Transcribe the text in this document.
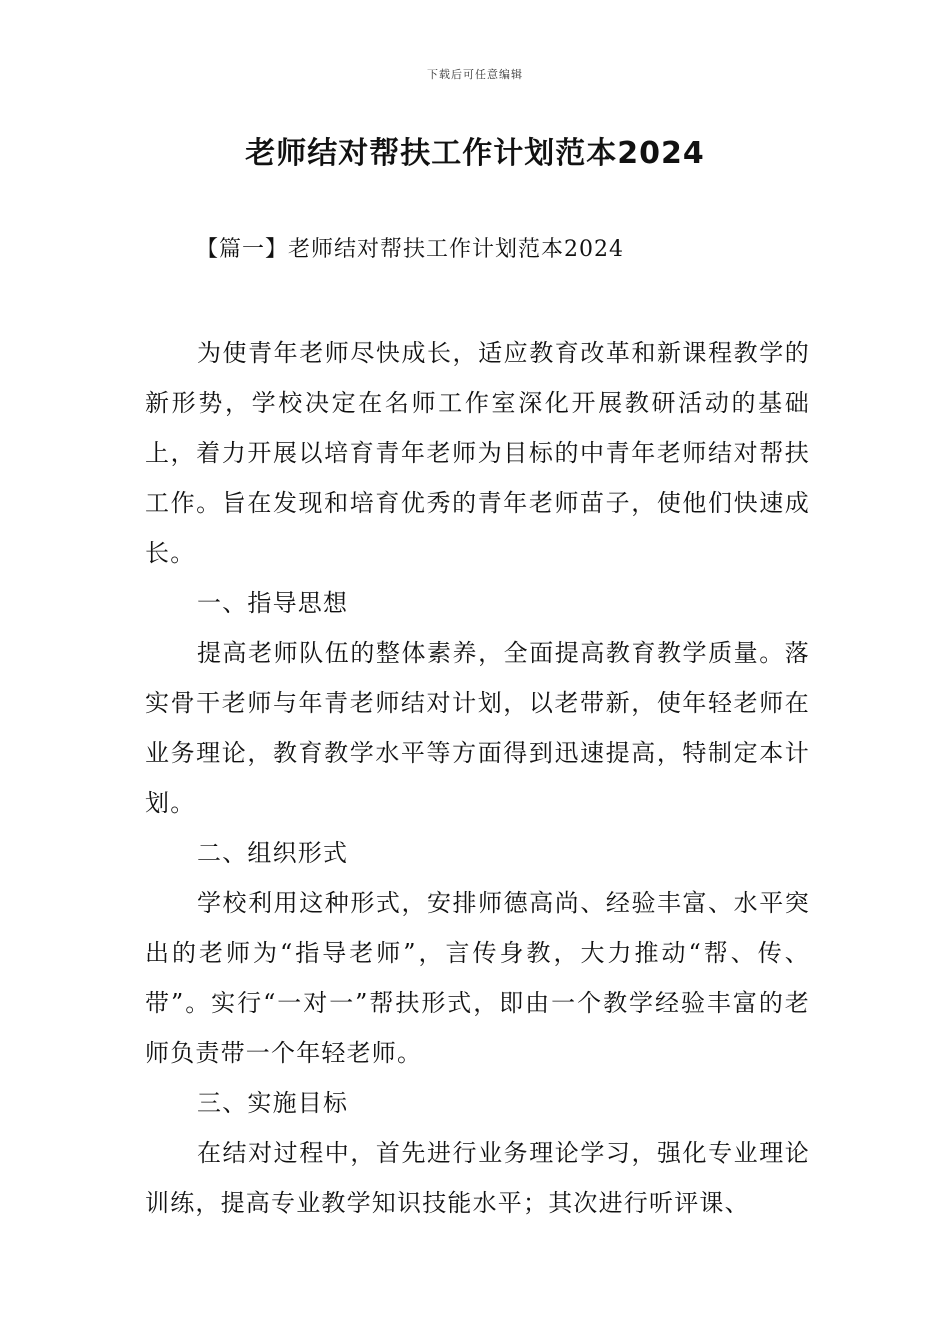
下载后可任意编辑
老师结对帮扶工作计划范本2024
【篇一】老师结对帮扶工作计划范本2024

为使青年老师尽快成长，适应教育改革和新课程教学的新形势，学校决定在名师工作室深化开展教研活动的基础上，着力开展以培育青年老师为目标的中青年老师结对帮扶工作。旨在发现和培育优秀的青年老师苗子，使他们快速成长。

一、指导思想

提高老师队伍的整体素养，全面提高教育教学质量。落实骨干老师与年青老师结对计划，以老带新，使年轻老师在业务理论，教育教学水平等方面得到迅速提高，特制定本计划。

二、组织形式

学校利用这种形式，安排师德高尚、经验丰富、水平突出的老师为“指导老师”，言传身教，大力推动“帮、传、带”。实行“一对一”帮扶形式，即由一个教学经验丰富的老师负责带一个年轻老师。

三、实施目标

在结对过程中，首先进行业务理论学习，强化专业理论训练，提高专业教学知识技能水平；其次进行听评课、
